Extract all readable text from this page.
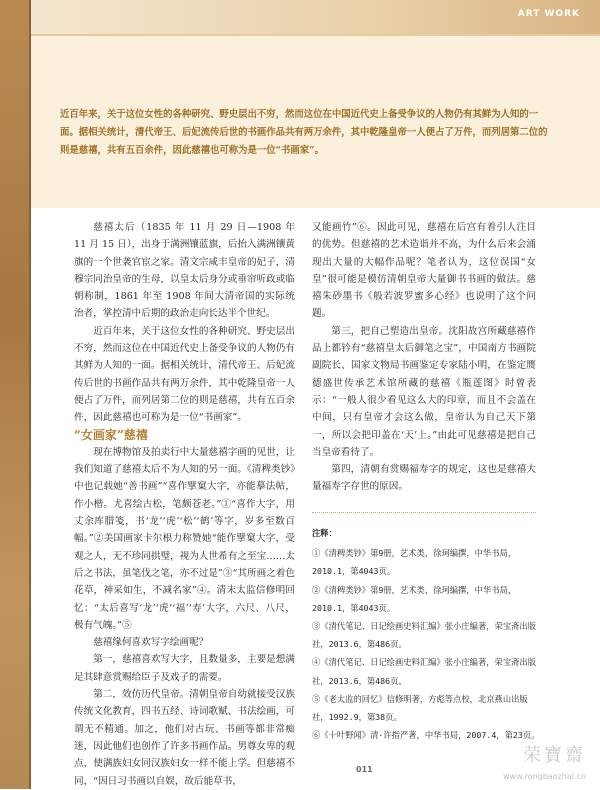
ART WORK
近百年来，关于这位女性的各种研究、野史层出不穷，然而这位在中国近代史上备受争议的人物仍有其鲜为人知的一面。据相关统计，清代帝王、后妃流传后世的书画作品共有两万余件，其中乾隆皇帝一人便占了万件，而列居第二位的则是慈禧，共有五百余件，因此慈禧也可称为是一位“书画家”。

慈禧太后（1835 年 11 月 29 日—1908 年 11 月 15 日），出身于满洲镶蓝旗，后抬入满洲镶黄旗的一个世袭官宦之家。清文宗咸丰皇帝的妃子，清穆宗同治皇帝的生母，以皇太后身分或垂帘听政或临朝称制，1861 年至 1908 年间大清帝国的实际统治者，掌控清中后期的政治走向长达半个世纪。

近百年来，关于这位女性的各种研究、野史层出不穷，然而这位在中国近代史上备受争议的人物仍有其鲜为人知的一面。据相关统计，清代帝王、后妃流传后世的书画作品共有两万余件，其中乾隆皇帝一人便占了万件，而列居第二位的则是慈禧，共有五百余件，因此慈禧也可称为是一位“书画家”。

“女画家”慈禧

现在博物馆及拍卖行中大量慈禧字画的见世，让我们知道了慈禧太后不为人知的另一面。《清稗类钞》中也记载她“善书画”“喜作擘窠大字，亦能摹法帖，作小楷。尤喜绘古松，笔颇苍老。”①“喜作大字，用丈余库腊笺，书‘龙’‘虎’‘松’‘鹤’等字，岁多至数百幅。”②美国画家卡尔根力称赞她“能作擘窠大字，受观之人，无不珍同拱璧，视为人世希有之至宝……太后之书法，虽笔伐之笔，亦不过是”③“其所画之着色花草，神采如生，不减名家”④。清末太监信修明回忆：“太后喜写‘龙’‘虎’‘福’‘寿’大字，六尺、八尺，极有气魄。”⑤

慈禧缘何喜欢写字绘画呢？

第一，慈禧喜欢写大字，且数量多，主要是想满足其肆意赏赐给臣子及戏子的需要。

第二，效仿历代皇帝。清朝皇帝自幼就接受汉族传统文化教育，四书五经、诗词歌赋、书法绘画，可谓无不精通。加之，他们对古玩、书画等都非常痴迷，因此他们也创作了许多书画作品。男尊女卑的观点，使满族妇女同汉族妇女一样不能上学。但慈禧不同，“因日习书画以自娱，故后能草书，

又能画竹”⑥。因此可见，慈禧在后宫有着引人注目的优势。但慈禧的艺术造诣并不高，为什么后来会涌现出大量的大幅作品呢？笔者认为，这位误国“女皇”很可能是模仿清朝皇帝大量御书书画的做法。慈禧朱砂墨书《般若波罗蜜多心经》也说明了这个问题。

第三，把自己塑造出皇帝。沈阳故宫所藏慈禧作品上都钤有“慈禧皇太后御笔之宝”，中国南方书画院副院长、国家文物局书画鉴定专家陆小明，在鉴定赝德盛世传承艺术馆所藏的慈禧《瓶莲图》时曾表示：“一般人很少看见这么大的印章，而且不会盖在中间，只有皇帝才会这么做，皇帝认为自己天下第一，所以会把印盖在‘天’上。”由此可见慈禧是把自己当皇帝看待了。

第四，清朝有赏赐福寿字的规定，这也是慈禧大量福寿字存世的原因。

注释：

①《清稗类钞》第9册，艺术类，徐珂编撰，中华书局，2010.1，第4043页。

②《清稗类钞》第9册，艺术类，徐珂编撰，中华书局，2010.1，第4043页。

③《清代笔记、日记绘画史料汇编》张小庄编著，荣宝斋出版社，2013.6，第486页。

④《清代笔记、日记绘画史料汇编》张小庄编著，荣宝斋出版社，2013.6，第486页。

⑤《老太监的回忆》信修明著，方彪等点校，北京燕山出版社，1992.9，第38页。

⑥《十叶野闻》清·许指严著，中华书局，2007.4，第23页。

011
荣寶齋
www.rongbaozhai.cn
